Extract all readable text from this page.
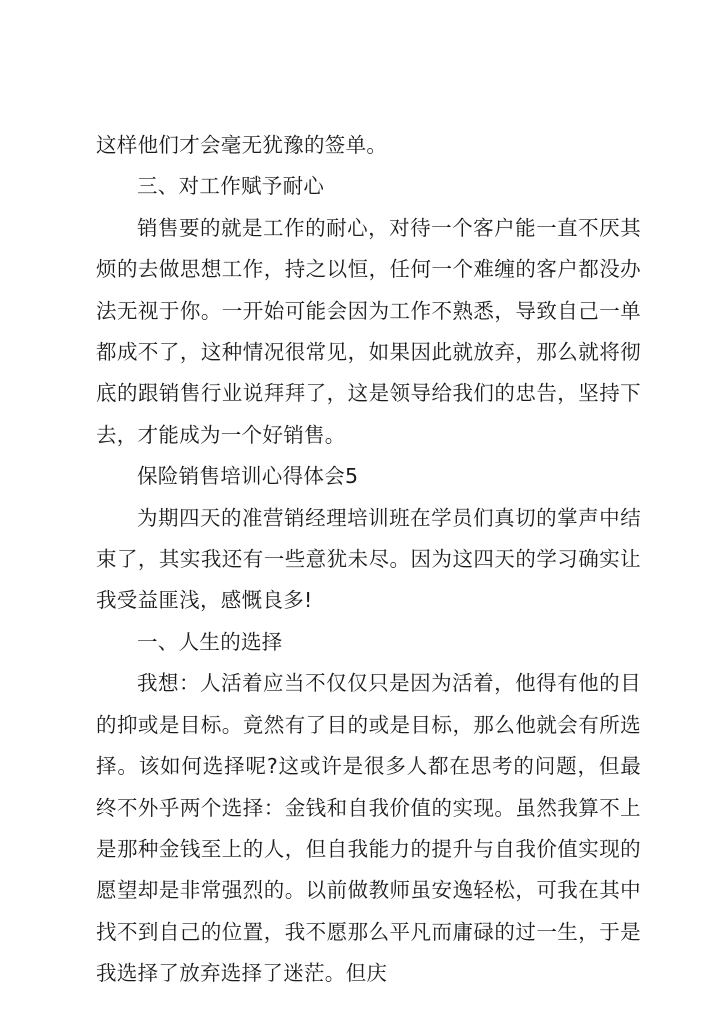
这样他们才会毫无犹豫的签单。

三、对工作赋予耐心

销售要的就是工作的耐心，对待一个客户能一直不厌其烦的去做思想工作，持之以恒，任何一个难缠的客户都没办法无视于你。一开始可能会因为工作不熟悉，导致自己一单都成不了，这种情况很常见，如果因此就放弃，那么就将彻底的跟销售行业说拜拜了，这是领导给我们的忠告，坚持下去，才能成为一个好销售。

保险销售培训心得体会5

为期四天的准营销经理培训班在学员们真切的掌声中结束了，其实我还有一些意犹未尽。因为这四天的学习确实让我受益匪浅，感慨良多!

一、人生的选择

我想：人活着应当不仅仅只是因为活着，他得有他的目的抑或是目标。竟然有了目的或是目标，那么他就会有所选择。该如何选择呢?这或许是很多人都在思考的问题，但最终不外乎两个选择：金钱和自我价值的实现。虽然我算不上是那种金钱至上的人，但自我能力的提升与自我价值实现的愿望却是非常强烈的。以前做教师虽安逸轻松，可我在其中找不到自己的位置，我不愿那么平凡而庸碌的过一生，于是我选择了放弃选择了迷茫。但庆
